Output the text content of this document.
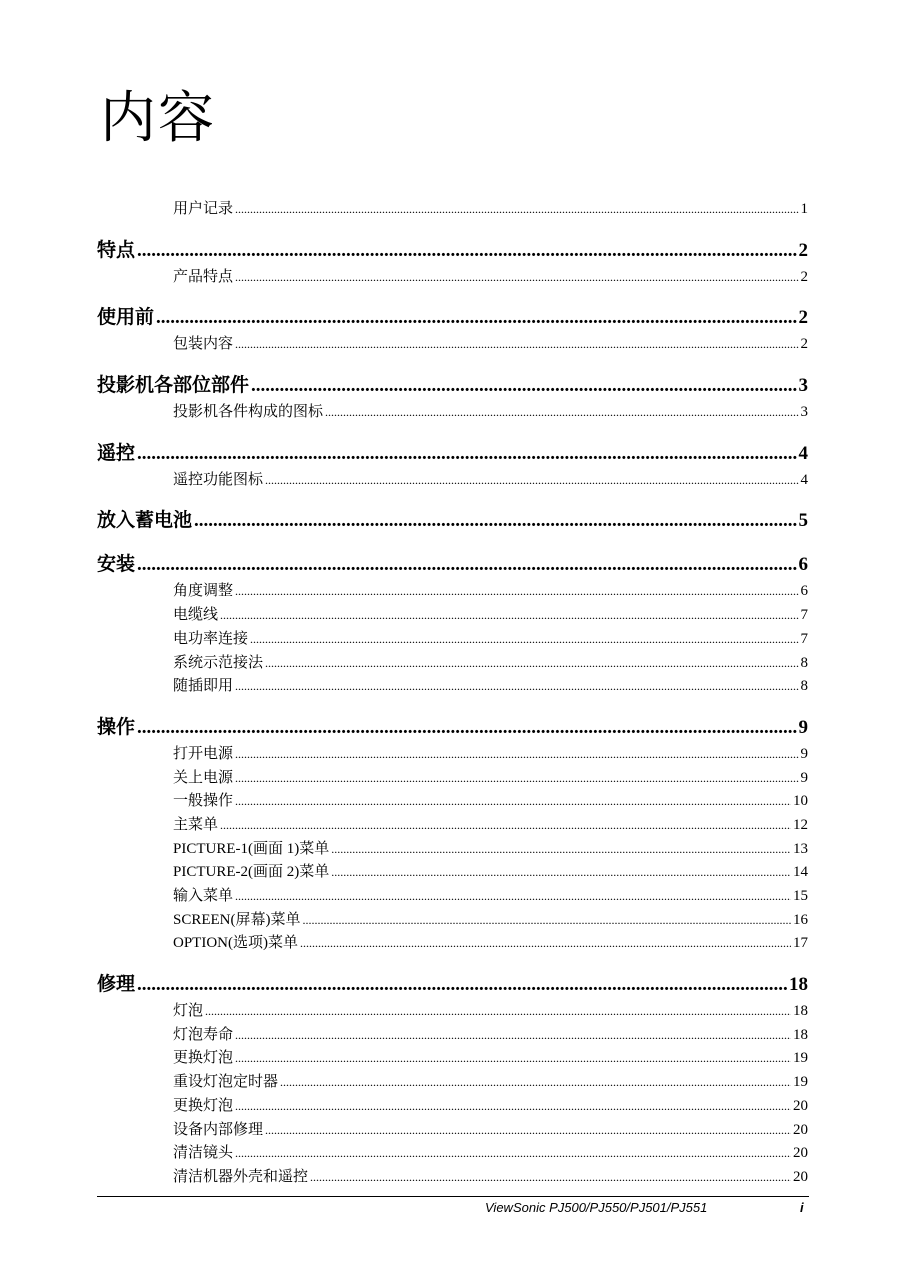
内容
用户记录 .....	1
特点 .....	2
产品特点 .....	2
使用前 .....	2
包装内容 .....	2
投影机各部位部件 .....	3
投影机各件构成的图标 .....	3
遥控 .....	4
遥控功能图标 .....	4
放入蓄电池 .....	5
安装 .....	6
角度调整 .....	6
电缆线 .....	7
电功率连接 .....	7
系统示范接法 .....	8
随插即用 .....	8
操作 .....	9
打开电源 .....	9
关上电源 .....	9
一般操作 .....	10
主菜单 .....	12
PICTURE-1(画面 1)菜单 .....	13
PICTURE-2(画面 2)菜单 .....	14
输入菜单 .....	15
SCREEN(屏幕)菜单 .....	16
OPTION(选项)菜单 .....	17
修理 .....	18
灯泡 .....	18
灯泡寿命 .....	18
更换灯泡 .....	19
重设灯泡定时器 .....	19
更换灯泡 .....	20
设备内部修理 .....	20
清洁镜头 .....	20
清洁机器外壳和遥控 .....	20
ViewSonic PJ500/PJ550/PJ501/PJ551	i
